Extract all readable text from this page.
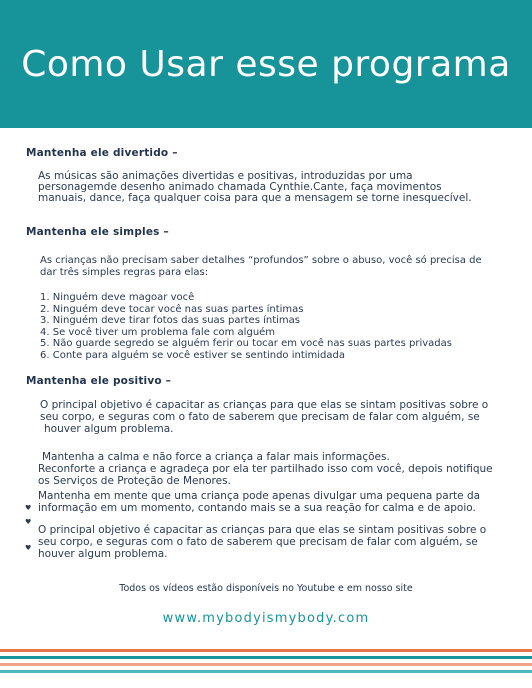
Como Usar esse programa

Mantenha ele divertido –

As músicas são animações divertidas e positivas, introduzidas por uma

personagemde desenho animado chamada Cynthie.Cante, faça movimentos

manuais, dance, faça qualquer coisa para que a mensagem se torne inesquecível.

Mantenha ele simples –

As crianças não precisam saber detalhes “profundos” sobre o abuso, você só precisa de

dar três simples regras para elas:

1. Ninguém deve magoar você
2. Ninguém deve tocar você nas suas partes íntimas
3. Ninguém deve tirar fotos das suas partes íntimas
4. Se você tiver um problema fale com alguém
5. Não guarde segredo se alguém ferir ou tocar em você nas suas partes privadas
6. Conte para alguém se você estiver se sentindo intimidada

Mantenha ele positivo –

O principal objetivo é capacitar as crianças para que elas se sintam positivas sobre o

seu corpo, e seguras com o fato de saberem que precisam de falar com alguém, se

houver algum problema.

Mantenha a calma e não force a criança a falar mais informações.

Reconforte a criança e agradeça por ela ter partilhado isso com você, depois notifique

os Serviços de Proteção de Menores.

Mantenha em mente que uma criança pode apenas divulgar uma pequena parte da

informação em um momento, contando mais se a sua reação for calma e de apoio.

O principal objetivo é capacitar as crianças para que elas se sintam positivas sobre o

seu corpo, e seguras com o fato de saberem que precisam de falar com alguém, se

houver algum problema.

♥
♥
♥
Todos os vídeos estão disponíveis no Youtube e em nosso site
www.mybodyismybody.com
